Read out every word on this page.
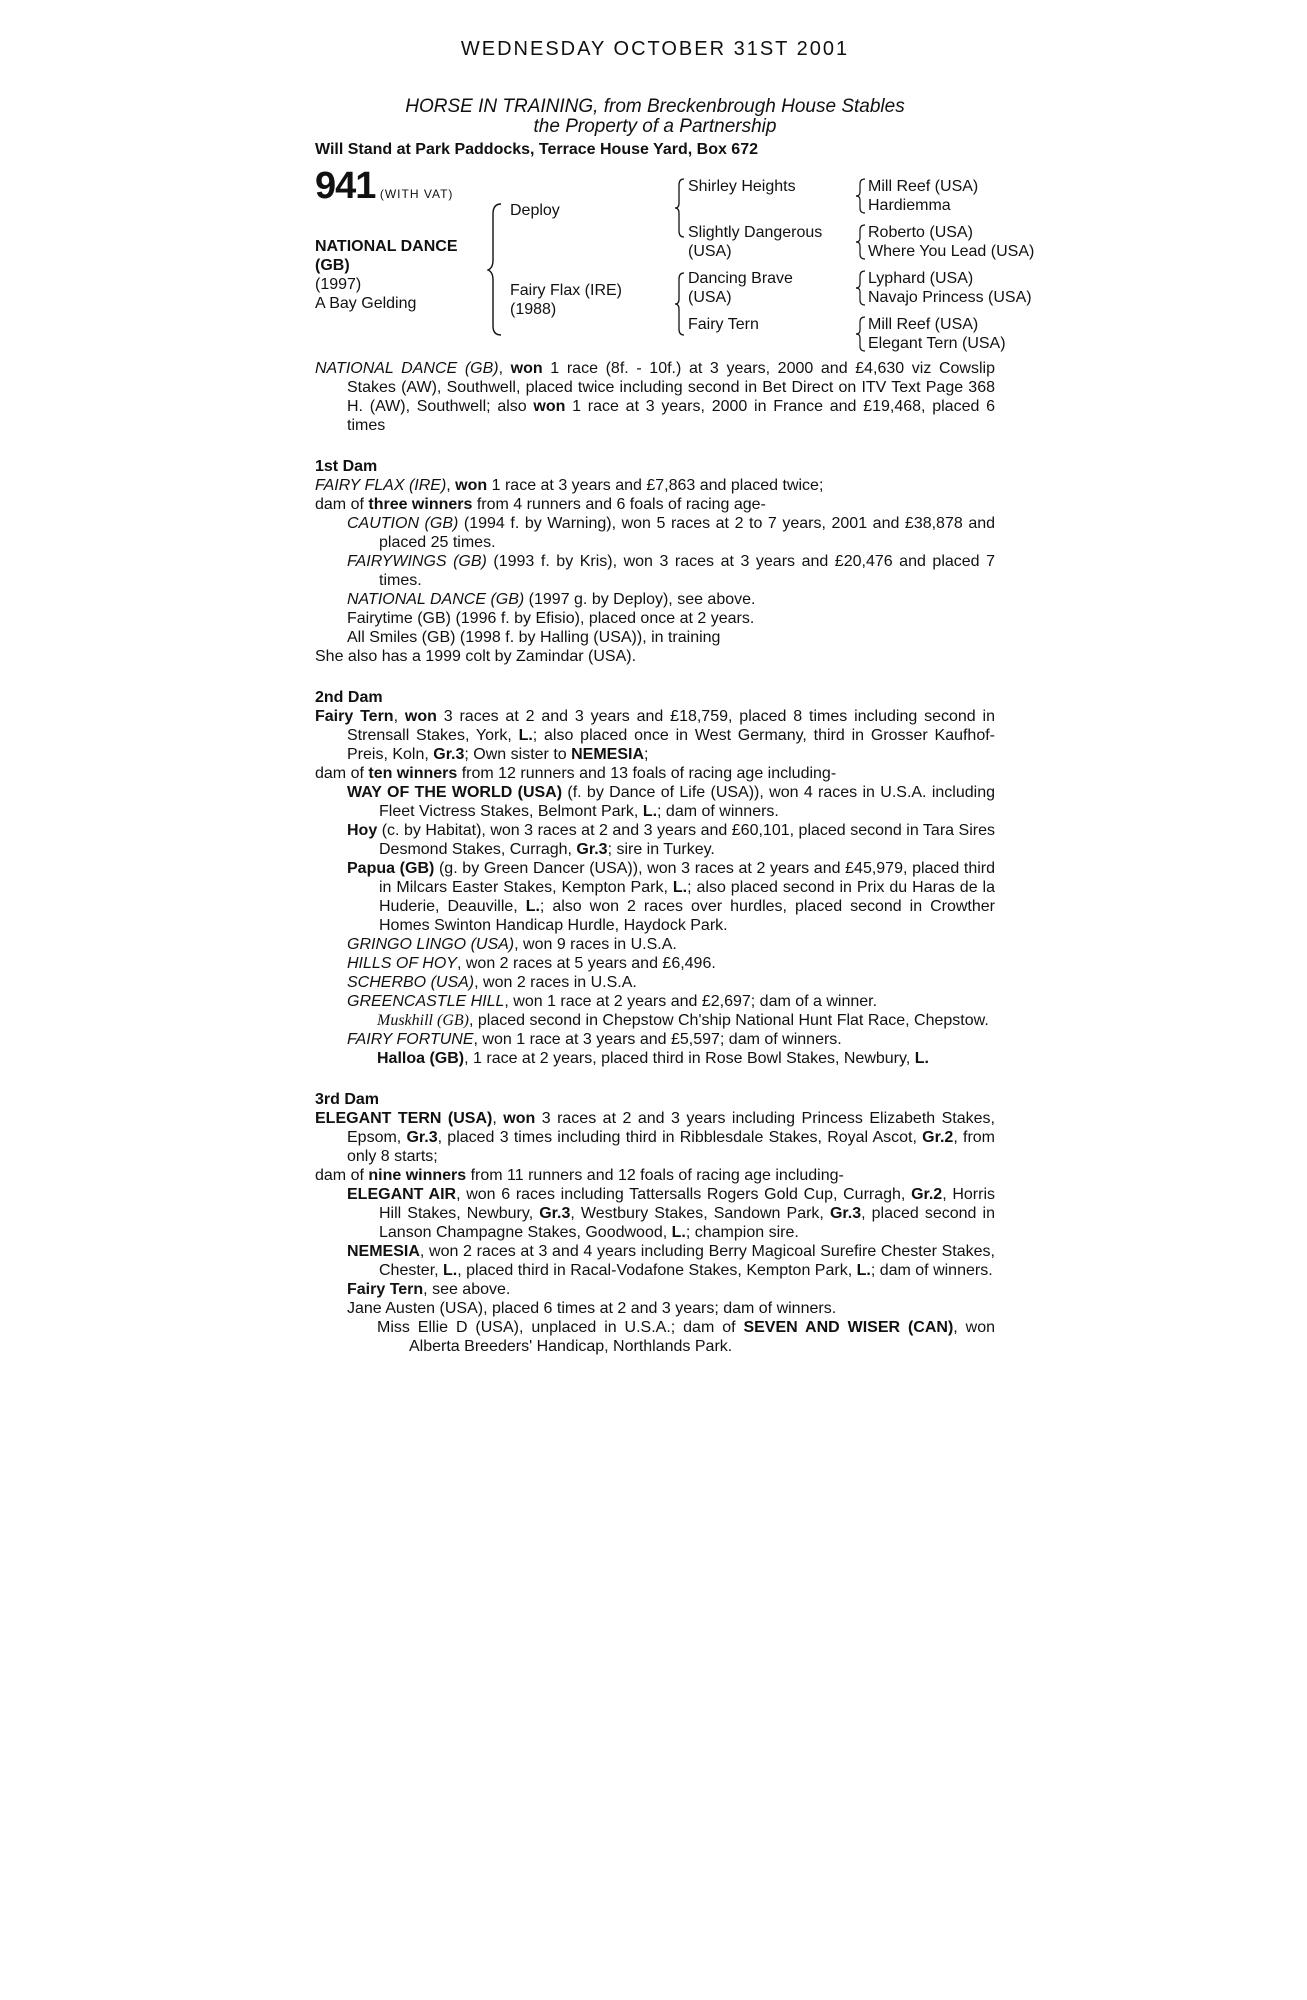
WEDNESDAY OCTOBER 31ST 2001
HORSE IN TRAINING, from Breckenbrough House Stables
the Property of a Partnership
Will Stand at Park Paddocks, Terrace House Yard, Box 672
941 (WITH VAT)
NATIONAL DANCE
(GB)
(1997)
A Bay Gelding
Deploy
Fairy Flax (IRE)
(1988)
Shirley Heights
Slightly Dangerous
(USA)
Dancing Brave
(USA)
Fairy Tern
Mill Reef (USA)
Hardiemma
Roberto (USA)
Where You Lead (USA)
Lyphard (USA)
Navajo Princess (USA)
Mill Reef (USA)
Elegant Tern (USA)

NATIONAL DANCE (GB), won 1 race (8f. - 10f.) at 3 years, 2000 and £4,630 viz Cowslip Stakes (AW), Southwell, placed twice including second in Bet Direct on ITV Text Page 368 H. (AW), Southwell; also won 1 race at 3 years, 2000 in France and £19,468, placed 6 times

1st Dam

FAIRY FLAX (IRE), won 1 race at 3 years and £7,863 and placed twice;

dam of three winners from 4 runners and 6 foals of racing age-

CAUTION (GB) (1994 f. by Warning), won 5 races at 2 to 7 years, 2001 and £38,878 and placed 25 times.

FAIRYWINGS (GB) (1993 f. by Kris), won 3 races at 3 years and £20,476 and placed 7 times.

NATIONAL DANCE (GB) (1997 g. by Deploy), see above.

Fairytime (GB) (1996 f. by Efisio), placed once at 2 years.

All Smiles (GB) (1998 f. by Halling (USA)), in training

She also has a 1999 colt by Zamindar (USA).

2nd Dam

Fairy Tern, won 3 races at 2 and 3 years and £18,759, placed 8 times including second in Strensall Stakes, York, L.; also placed once in West Germany, third in Grosser Kaufhof-Preis, Koln, Gr.3; Own sister to NEMESIA;

dam of ten winners from 12 runners and 13 foals of racing age including-

WAY OF THE WORLD (USA) (f. by Dance of Life (USA)), won 4 races in U.S.A. including Fleet Victress Stakes, Belmont Park, L.; dam of winners.

Hoy (c. by Habitat), won 3 races at 2 and 3 years and £60,101, placed second in Tara Sires Desmond Stakes, Curragh, Gr.3; sire in Turkey.

Papua (GB) (g. by Green Dancer (USA)), won 3 races at 2 years and £45,979, placed third in Milcars Easter Stakes, Kempton Park, L.; also placed second in Prix du Haras de la Huderie, Deauville, L.; also won 2 races over hurdles, placed second in Crowther Homes Swinton Handicap Hurdle, Haydock Park.

GRINGO LINGO (USA), won 9 races in U.S.A.

HILLS OF HOY, won 2 races at 5 years and £6,496.

SCHERBO (USA), won 2 races in U.S.A.

GREENCASTLE HILL, won 1 race at 2 years and £2,697; dam of a winner.

Muskhill (GB), placed second in Chepstow Ch'ship National Hunt Flat Race, Chepstow.

FAIRY FORTUNE, won 1 race at 3 years and £5,597; dam of winners.

Halloa (GB), 1 race at 2 years, placed third in Rose Bowl Stakes, Newbury, L.

3rd Dam

ELEGANT TERN (USA), won 3 races at 2 and 3 years including Princess Elizabeth Stakes, Epsom, Gr.3, placed 3 times including third in Ribblesdale Stakes, Royal Ascot, Gr.2, from only 8 starts;

dam of nine winners from 11 runners and 12 foals of racing age including-

ELEGANT AIR, won 6 races including Tattersalls Rogers Gold Cup, Curragh, Gr.2, Horris Hill Stakes, Newbury, Gr.3, Westbury Stakes, Sandown Park, Gr.3, placed second in Lanson Champagne Stakes, Goodwood, L.; champion sire.

NEMESIA, won 2 races at 3 and 4 years including Berry Magicoal Surefire Chester Stakes, Chester, L., placed third in Racal-Vodafone Stakes, Kempton Park, L.; dam of winners.

Fairy Tern, see above.

Jane Austen (USA), placed 6 times at 2 and 3 years; dam of winners.

Miss Ellie D (USA), unplaced in U.S.A.; dam of SEVEN AND WISER (CAN), won Alberta Breeders' Handicap, Northlands Park.
